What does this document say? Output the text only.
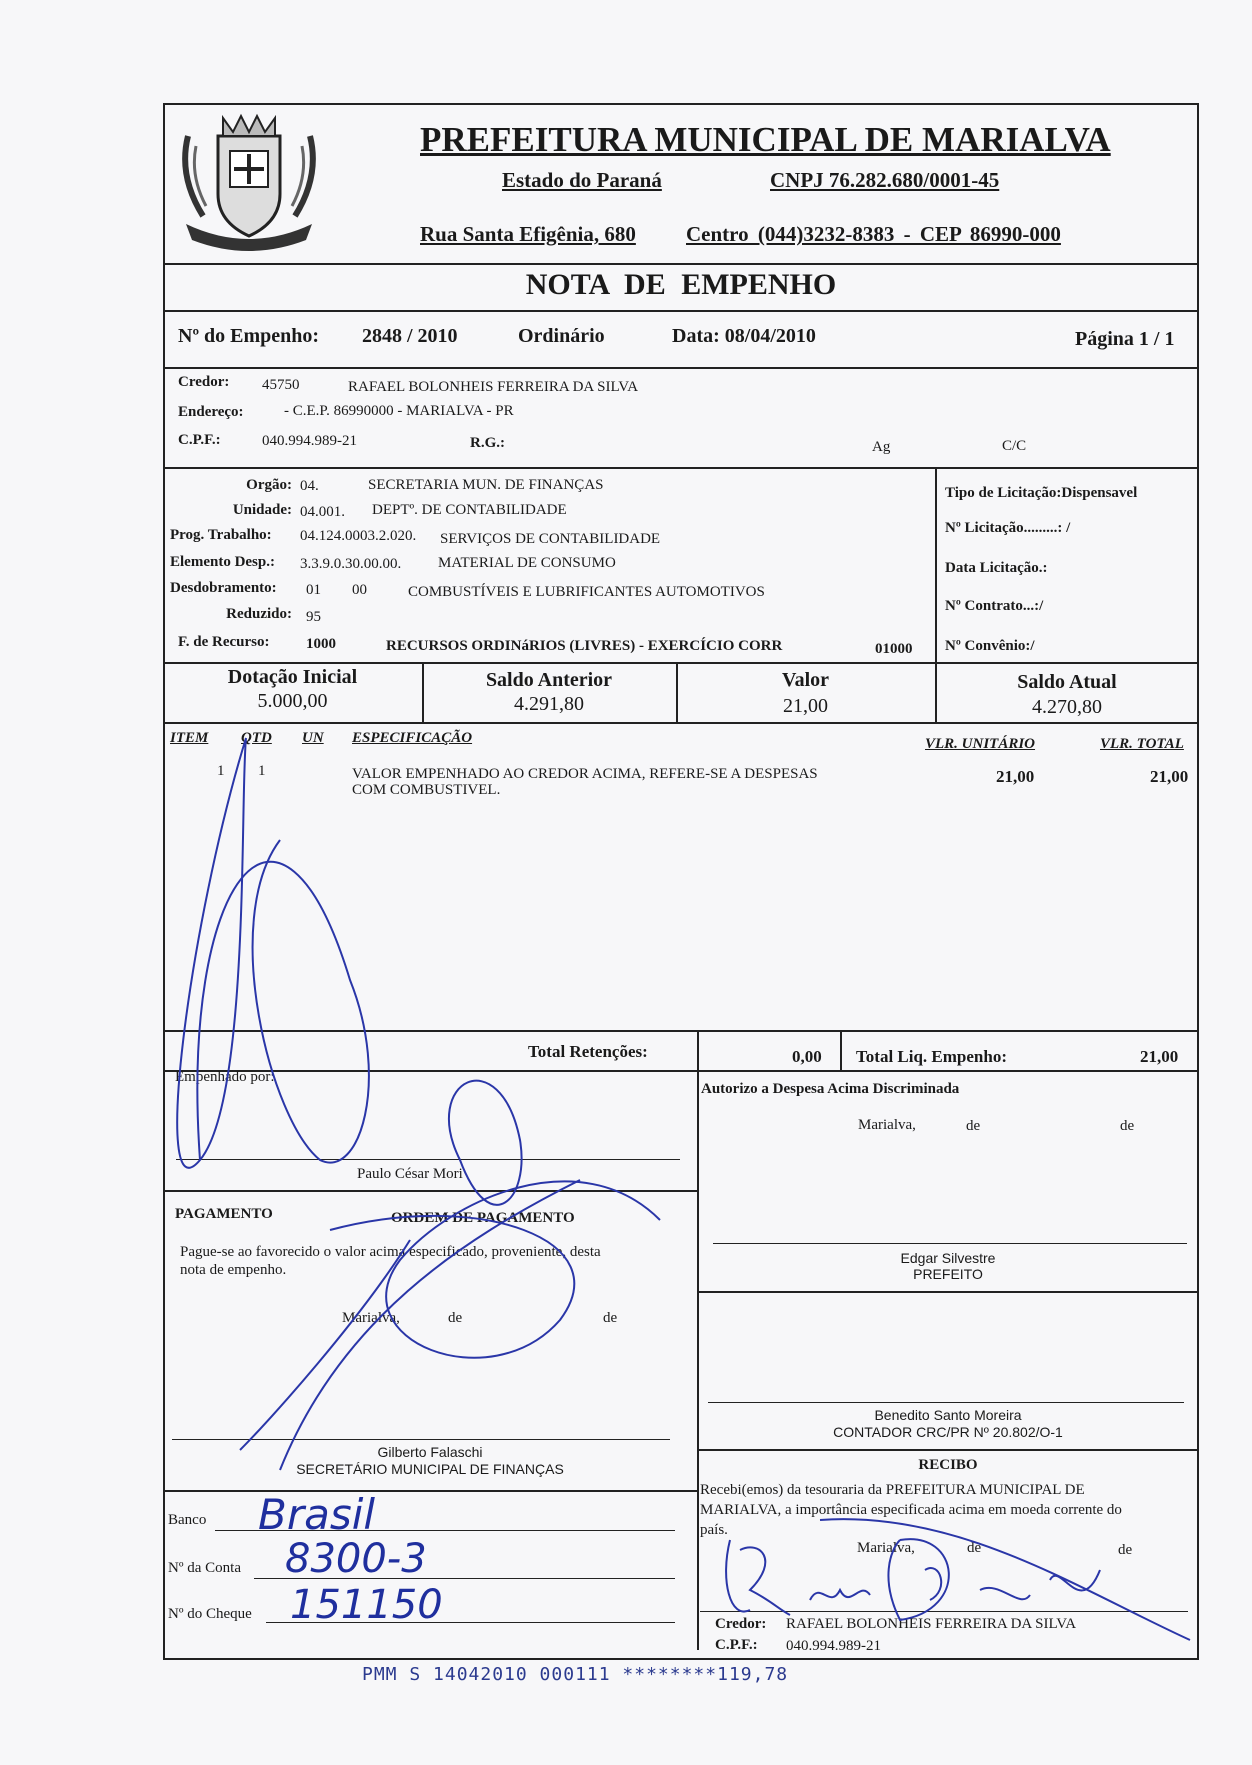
PREFEITURA MUNICIPAL DE MARIALVA
Estado do Paraná	CNPJ 76.282.680/0001-45
Rua Santa Efigênia, 680 Centro (044)3232-8383 - CEP 86990-000
NOTA DE EMPENHO
Nº do Empenho: 2848 / 2010	Ordinário	Data: 08/04/2010	Página 1 / 1
Credor: 45750	RAFAEL BOLONHEIS FERREIRA DA SILVA
Endereço:	- C.E.P. 86990000 - MARIALVA - PR
C.P.F.:	040.994.989-21	R.G.:	Ag	C/C
Orgão: 04.	SECRETARIA MUN. DE FINANÇAS
Unidade: 04.001. DEPTº. DE CONTABILIDADE
Prog. Trabalho: 04.124.0003.2.020. SERVIÇOS DE CONTABILIDADE
Elemento Desp.: 3.3.9.0.30.00.00. MATERIAL DE CONSUMO
Desdobramento: 01 00	COMBUSTÍVEIS E LUBRIFICANTES AUTOMOTIVOS
Reduzido: 95
F. de Recurso: 1000	RECURSOS ORDINáRIOS (LIVRES) - EXERCÍCIO CORR	01000
Tipo de Licitação:Dispensavel
Nº Licitação.........: /
Data Licitação.:
Nº Contrato...:/
Nº Convênio:/
Dotação Inicial
5.000,00
Saldo Anterior
4.291,80
Valor
21,00
Saldo Atual
4.270,80
ITEM QTD UN ESPECIFICAÇÃO	VLR. UNITÁRIO	VLR. TOTAL
1 1	VALOR EMPENHADO AO CREDOR ACIMA, REFERE-SE A DESPESAS
COM COMBUSTIVEL.
21,00	21,00
Total Retenções:	0,00 Total Liq. Empenho:	21,00
Empenhado por:
Paulo César Mori
Autorizo a Despesa Acima Discriminada
Marialva,	de	de
Edgar Silvestre
PREFEITO
Benedito Santo Moreira
CONTADOR CRC/PR Nº 20.802/O-1
PAGAMENTO	ORDEM DE PAGAMENTO
Pague-se ao favorecido o valor acima especificado, proveniente, desta
nota de empenho.
Marialva,	de	de
Gilberto Falaschi
SECRETÁRIO MUNICIPAL DE FINANÇAS
Banco Brasil
Nº da Conta 8300-3
Nº do Cheque 151150
RECIBO
Recebi(emos) da tesouraria da PREFEITURA MUNICIPAL DE
MARIALVA, a importância especificada acima em moeda corrente do
país.
Marialva,	de	de
Credor: RAFAEL BOLONHEIS FERREIRA DA SILVA
C.P.F.: 040.994.989-21
PMM S 14042010 000111 ********119,78
